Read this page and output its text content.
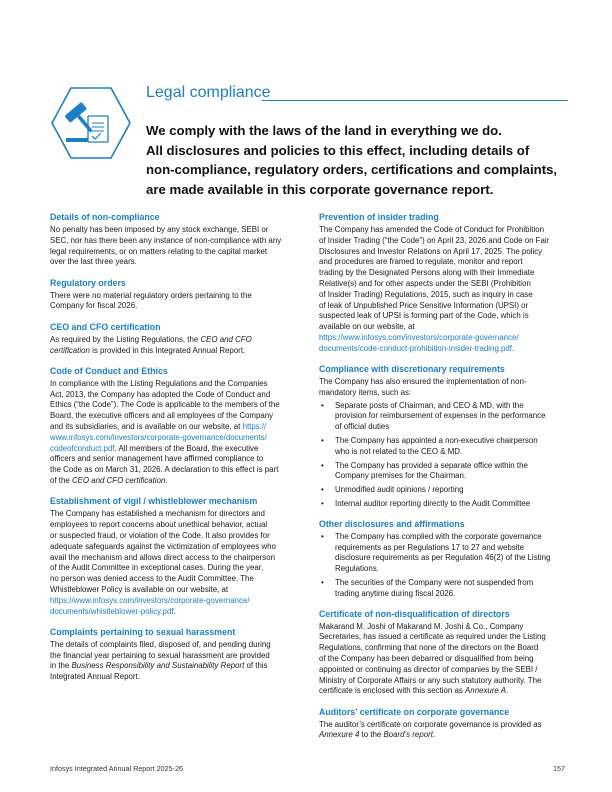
Legal compliance
We comply with the laws of the land in everything we do.
All disclosures and policies to this effect, including details of
non-compliance, regulatory orders, certifications and complaints,
are made available in this corporate governance report.
Details of non-compliance
No penalty has been imposed by any stock exchange, SEBI or
SEC, nor has there been any instance of non-compliance with any
legal requirements, or on matters relating to the capital market
over the last three years.
Regulatory orders
There were no material regulatory orders pertaining to the
Company for fiscal 2026.
CEO and CFO certification
As required by the Listing Regulations, the CEO and CFO
certification is provided in this Integrated Annual Report.
Code of Conduct and Ethics
In compliance with the Listing Regulations and the Companies
Act, 2013, the Company has adopted the Code of Conduct and
Ethics (“the Code”). The Code is applicable to the members of the
Board, the executive officers and all employees of the Company
and its subsidiaries, and is available on our website, at https://
www.infosys.com/investors/corporate-governance/documents/
codeofconduct.pdf. All members of the Board, the executive
officers and senior management have affirmed compliance to
the Code as on March 31, 2026. A declaration to this effect is part
of the CEO and CFO certification.
Establishment of vigil / whistleblower mechanism
The Company has established a mechanism for directors and
employees to report concerns about unethical behavior, actual
or suspected fraud, or violation of the Code. It also provides for
adequate safeguards against the victimization of employees who
avail the mechanism and allows direct access to the chairperson
of the Audit Committee in exceptional cases. During the year,
no person was denied access to the Audit Committee. The
Whistleblower Policy is available on our website, at
https://www.infosys.com/investors/corporate-governance/
documents/whistleblower-policy.pdf.
Complaints pertaining to sexual harassment
The details of complaints filed, disposed of, and pending during
the financial year pertaining to sexual harassment are provided
in the Business Responsibility and Sustainability Report of this
Integrated Annual Report.
Prevention of insider trading
The Company has amended the Code of Conduct for Prohibition
of Insider Trading (“the Code”) on April 23, 2026 and Code on Fair
Disclosures and Investor Relations on April 17, 2025. The policy
and procedures are framed to regulate, monitor and report
trading by the Designated Persons along with their Immediate
Relative(s) and for other aspects under the SEBI (Prohibition
of Insider Trading) Regulations, 2015, such as inquiry in case
of leak of Unpublished Price Sensitive Information (UPSI) or
suspected leak of UPSI is forming part of the Code, which is
available on our website, at
https://www.infosys.com/investors/corporate-governance/
documents/code-conduct-prohibition-insider-trading.pdf.
Compliance with discretionary requirements
The Company has also ensured the implementation of non-
mandatory items, such as:
• Separate posts of Chairman, and CEO & MD, with the
provision for reimbursement of expenses in the performance
of official duties
• The Company has appointed a non-executive chairperson
who is not related to the CEO & MD.
• The Company has provided a separate office within the
Company premises for the Chairman.
• Unmodified audit opinions / reporting
• Internal auditor reporting directly to the Audit Committee
Other disclosures and affirmations
• The Company has complied with the corporate governance
requirements as per Regulations 17 to 27 and website
disclosure requirements as per Regulation 46(2) of the Listing
Regulations.
• The securities of the Company were not suspended from
trading anytime during fiscal 2026.
Certificate of non-disqualification of directors
Makarand M. Joshi of Makarand M. Joshi & Co., Company
Secretaries, has issued a certificate as required under the Listing
Regulations, confirming that none of the directors on the Board
of the Company has been debarred or disqualified from being
appointed or continuing as director of companies by the SEBI /
Ministry of Corporate Affairs or any such statutory authority. The
certificate is enclosed with this section as Annexure A.
Auditors’ certificate on corporate governance
The auditor’s certificate on corporate governance is provided as
Annexure 4 to the Board’s report.
Infosys Integrated Annual Report 2025-26	157
